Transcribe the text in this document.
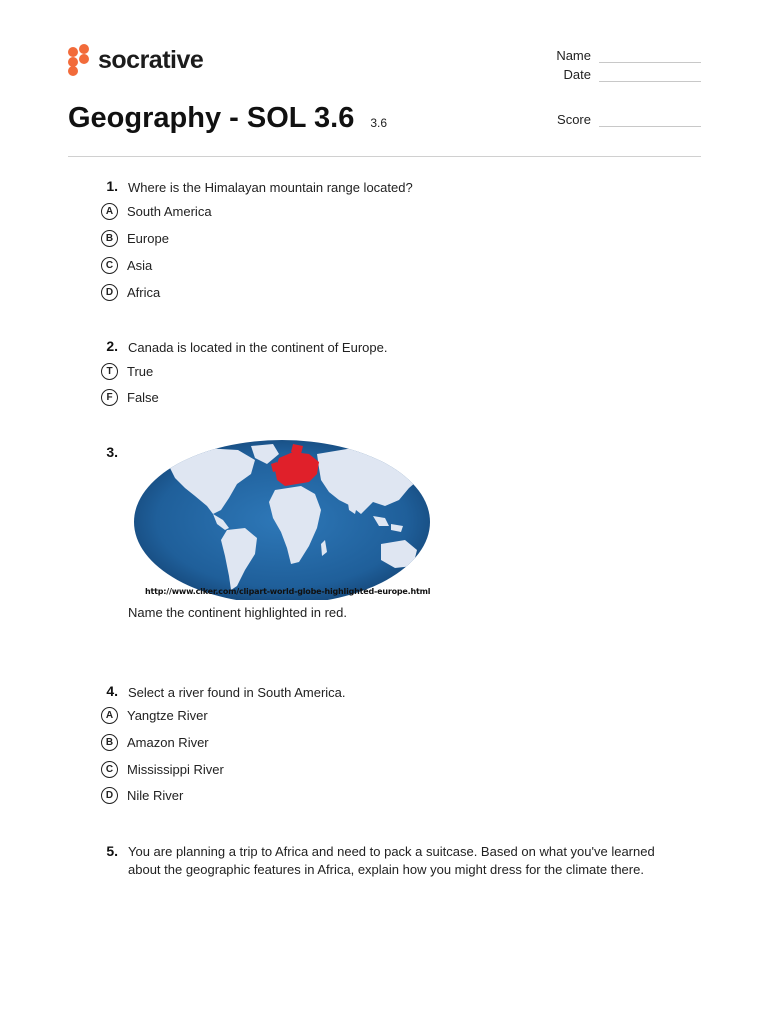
socrative
Geography - SOL 3.6 3.6
Name
Date
Score
1. Where is the Himalayan mountain range located?
A	South America
B	Europe
C	Asia
D	Africa
2. Canada is located in the continent of Europe.
T	True
F	False
3.
http://www.clker.com/clipart-world-globe-highlighted-europe.html
Name the continent highlighted in red.
4. Select a river found in South America.
A	Yangtze River
B	Amazon River
C	Mississippi River
D	Nile River
5. You are planning a trip to Africa and need to pack a suitcase. Based on what you've learned
about the geographic features in Africa, explain how you might dress for the climate there.
